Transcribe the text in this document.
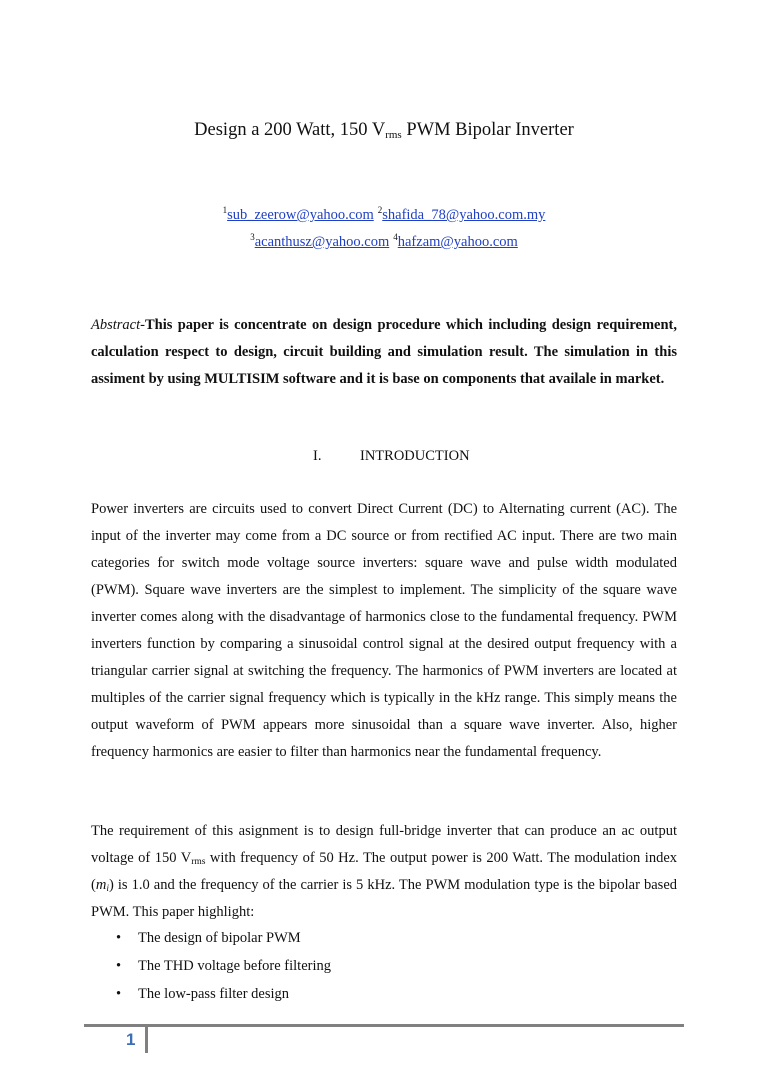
Design a 200 Watt, 150 $V_{rms}$ PWM Bipolar Inverter
$^1$sub_zeerow@yahoo.com $^2$shafida_78@yahoo.com.my
$^3$acanthusz@yahoo.com $^4$hafzam@yahoo.com
Abstract-This paper is concentrate on design procedure which including design requirement, calculation respect to design, circuit building and simulation result. The simulation in this assiment by using MULTISIM software and it is base on components that availale in market.
I.	INTRODUCTION
Power inverters are circuits used to convert Direct Current (DC) to Alternating current (AC). The input of the inverter may come from a DC source or from rectified AC input. There are two main categories for switch mode voltage source inverters: square wave and pulse width modulated (PWM). Square wave inverters are the simplest to implement. The simplicity of the square wave inverter comes along with the disadvantage of harmonics close to the fundamental frequency. PWM inverters function by comparing a sinusoidal control signal at the desired output frequency with a triangular carrier signal at switching the frequency. The harmonics of PWM inverters are located at multiples of the carrier signal frequency which is typically in the kHz range. This simply means the output waveform of PWM appears more sinusoidal than a square wave inverter. Also, higher frequency harmonics are easier to filter than harmonics near the fundamental frequency.
The requirement of this asignment is to design full-bridge inverter that can produce an ac output voltage of 150 $V_{rms}$ with frequency of 50 Hz. The output power is 200 Watt. The modulation index $(m_i)$ is 1.0 and the frequency of the carrier is 5 kHz. The PWM modulation type is the bipolar based PWM. This paper highlight:
• The design of bipolar PWM
• The THD voltage before filtering
• The low-pass filter design
1
